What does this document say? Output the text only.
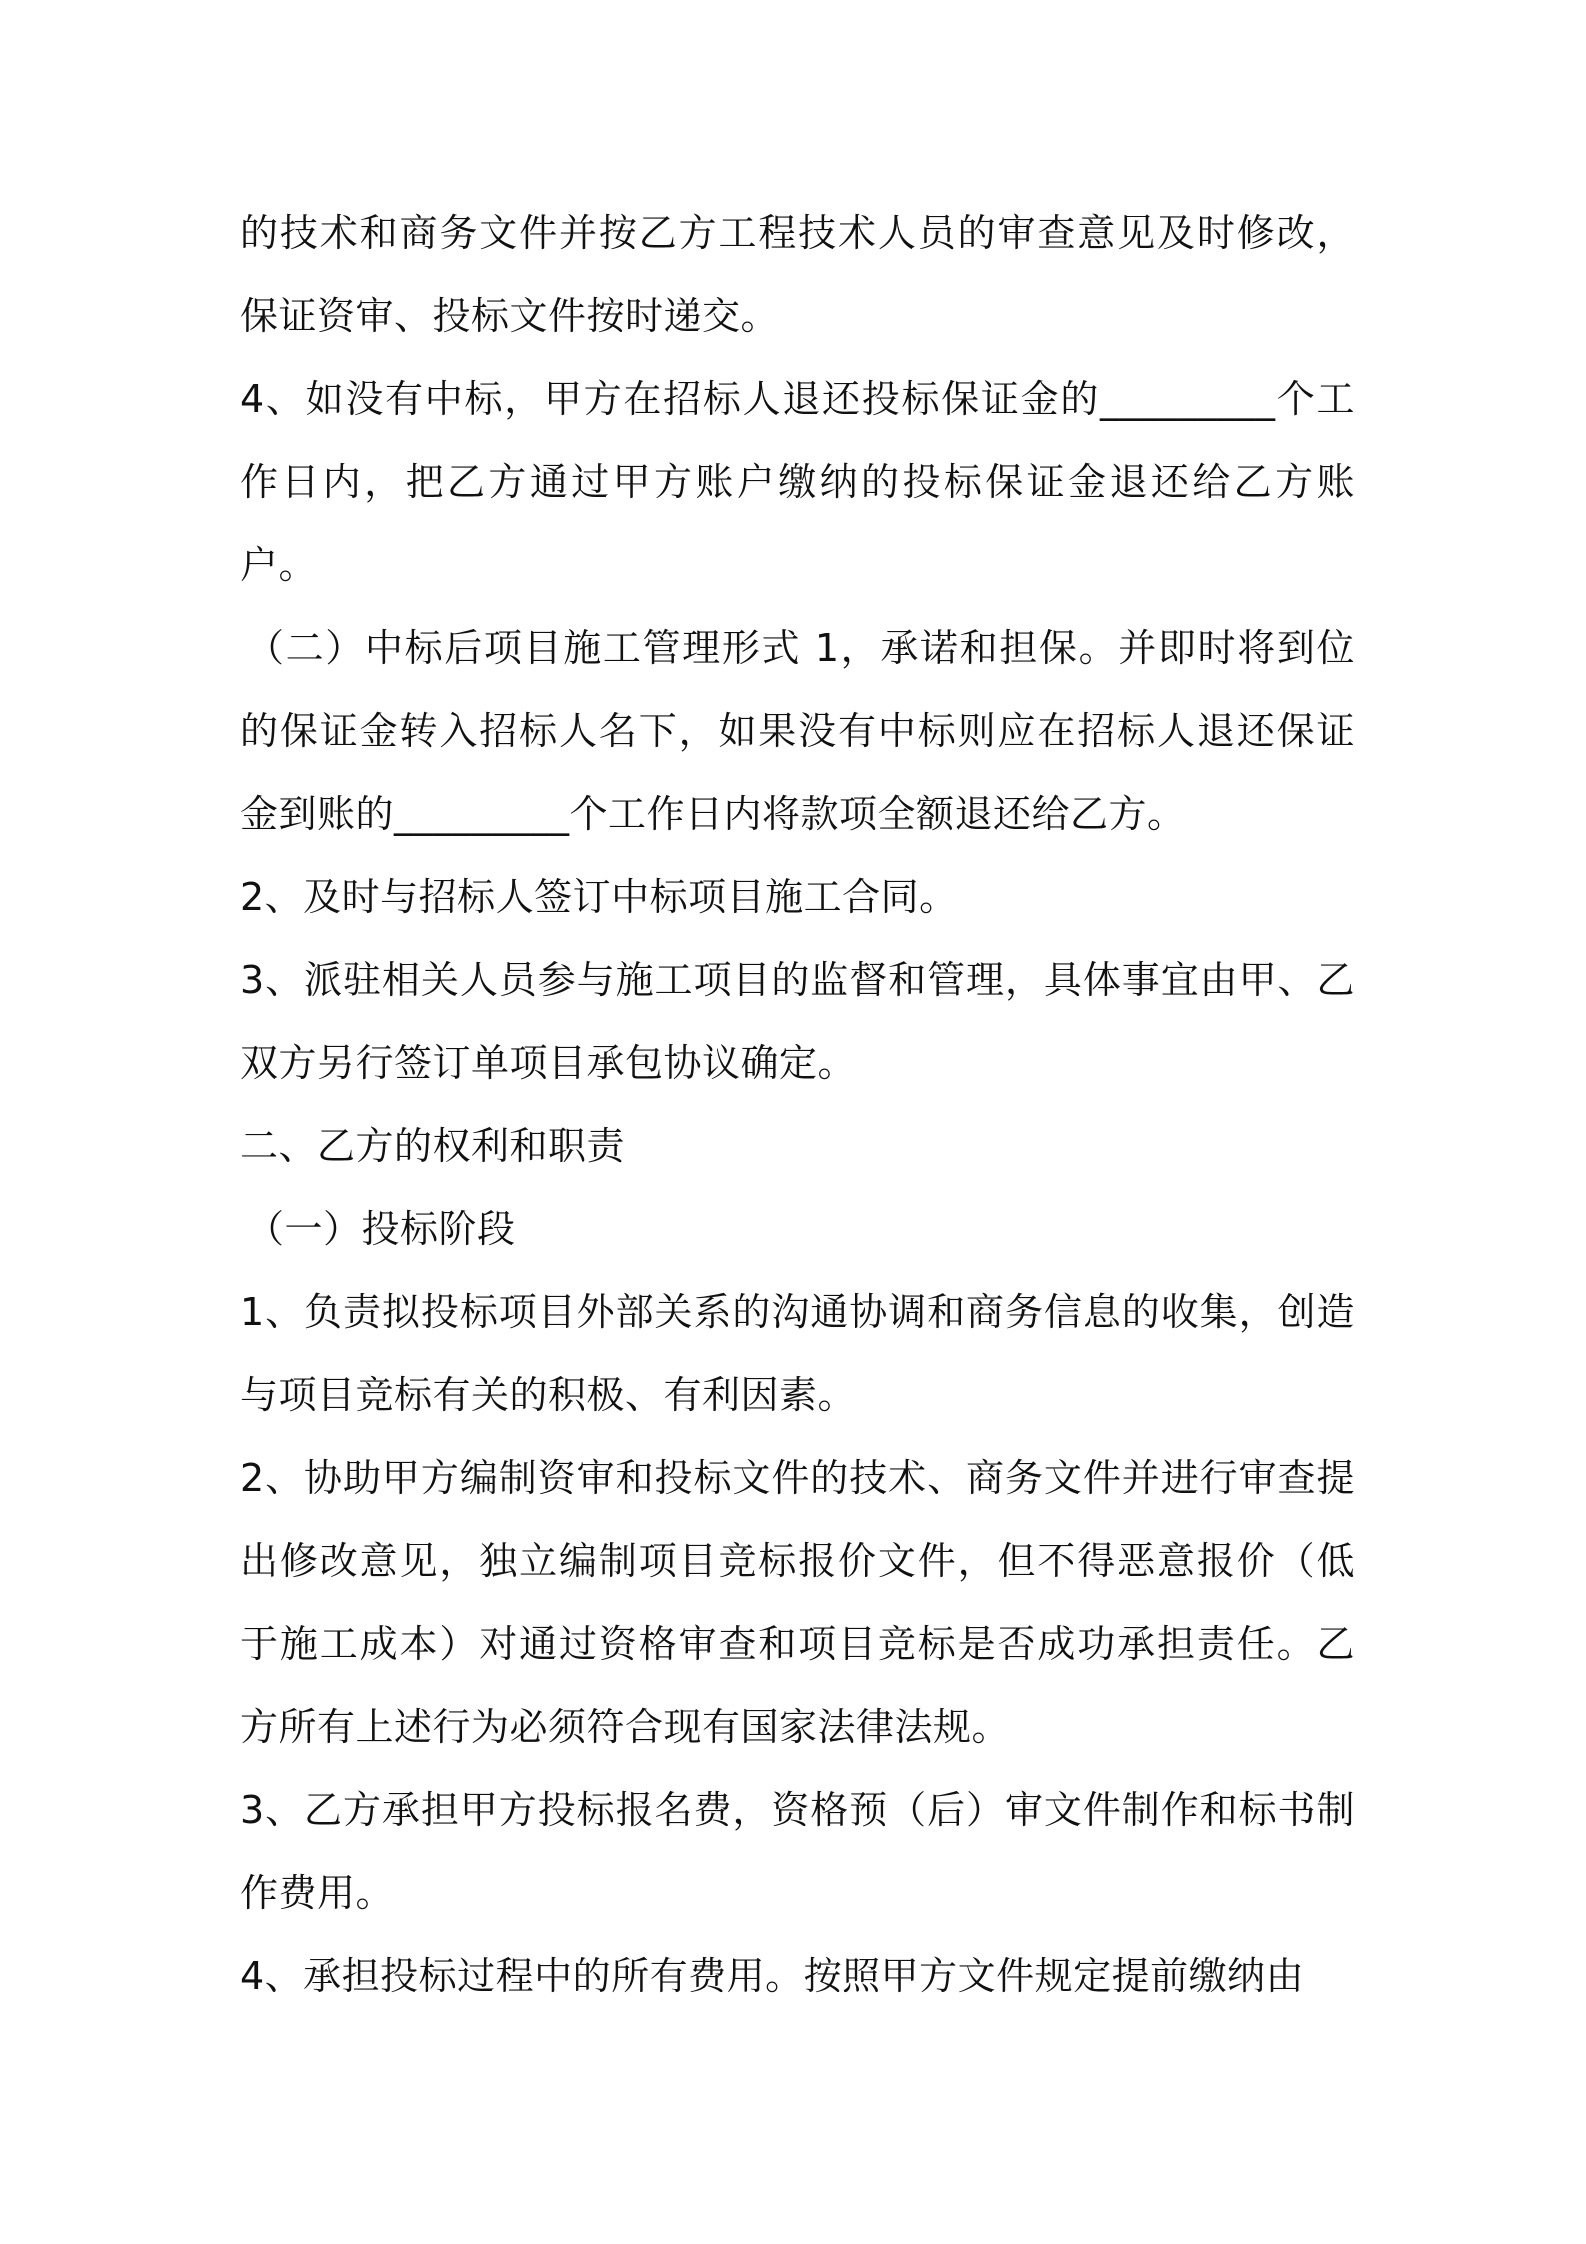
的技术和商务文件并按乙方工程技术人员的审查意见及时修改，保证资审、投标文件按时递交。

4、如没有中标，甲方在招标人退还投标保证金的_________个工作日内，把乙方通过甲方账户缴纳的投标保证金退还给乙方账户。

（二）中标后项目施工管理形式 1，承诺和担保。并即时将到位的保证金转入招标人名下，如果没有中标则应在招标人退还保证金到账的_________个工作日内将款项全额退还给乙方。

2、及时与招标人签订中标项目施工合同。

3、派驻相关人员参与施工项目的监督和管理，具体事宜由甲、乙双方另行签订单项目承包协议确定。

二、乙方的权利和职责

（一）投标阶段

1、负责拟投标项目外部关系的沟通协调和商务信息的收集，创造与项目竞标有关的积极、有利因素。

2、协助甲方编制资审和投标文件的技术、商务文件并进行审查提出修改意见，独立编制项目竞标报价文件，但不得恶意报价（低于施工成本）对通过资格审查和项目竞标是否成功承担责任。乙方所有上述行为必须符合现有国家法律法规。

3、乙方承担甲方投标报名费，资格预（后）审文件制作和标书制作费用。

4、承担投标过程中的所有费用。按照甲方文件规定提前缴纳由
